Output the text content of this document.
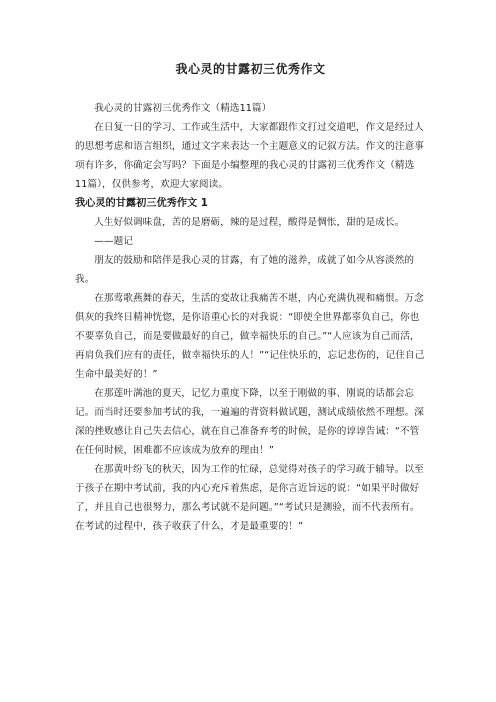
我心灵的甘露初三优秀作文

我心灵的甘露初三优秀作文（精选11篇）

在日复一日的学习、工作或生活中，大家都跟作文打过交道吧，作文是经过人的思想考虑和语言组织，通过文字来表达一个主题意义的记叙方法。作文的注意事项有许多，你确定会写吗？下面是小编整理的我心灵的甘露初三优秀作文（精选11篇），仅供参考，欢迎大家阅读。

我心灵的甘露初三优秀作文 1

人生好似调味盘，苦的是磨砺，辣的是过程，酸得是惆怅，甜的是成长。

——题记

朋友的鼓励和陪伴是我心灵的甘露，有了她的滋养，成就了如今从容淡然的我。

在那莺歌燕舞的春天，生活的変故让我痛苦不堪，内心充满仇视和痛恨。万念俱灰的我终日精神恍惚，是你语重心长的对我说：“即使全世界都辜负自己，你也不要辜负自己，而是要做最好的自己，做幸福快乐的自己。”“人应该为自己而活，再肩负我们应有的责任，做幸福快乐的人！”“记住快乐的，忘记悲伤的，记住自己生命中最美好的！”

在那莲叶满池的夏天，记忆力重度下降，以至于刚做的事、刚说的话都会忘记。而当时还要参加考试的我，一遍遍的背资料做试题，测试成绩依然不理想。深深的挫败感让自己失去信心，就在自己准备弃考的时候，是你的谆谆告诫：“不管在任何时候，困难都不应该成为放弃的理由！”

在那黄叶纷飞的秋天，因为工作的忙碌，总觉得对孩子的学习疏于辅导。以至于孩子在期中考试前，我的内心充斥着焦虑，是你言近旨远的说：“如果平时做好了，并且自己也很努力，那么考试就不是问题。”“考试只是测验，而不代表所有。在考试的过程中，孩子收获了什么，才是最重要的！”
